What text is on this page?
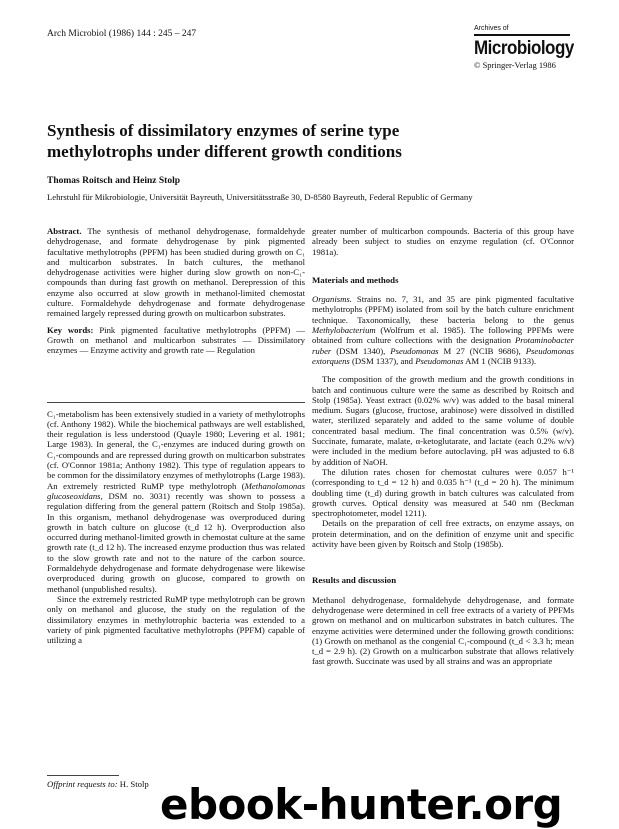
Arch Microbiol (1986) 144 : 245 – 247
Archives of
Microbiology
© Springer-Verlag 1986
Synthesis of dissimilatory enzymes of serine type methylotrophs under different growth conditions
Thomas Roitsch and Heinz Stolp
Lehrstuhl für Mikrobiologie, Universität Bayreuth, Universitätsstraße 30, D-8580 Bayreuth, Federal Republic of Germany

Abstract. The synthesis of methanol dehydrogenase, formaldehyde dehydrogenase, and formate dehydrogenase by pink pigmented facultative methylotrophs (PPFM) has been studied during growth on C₁ and multicarbon substrates. In batch cultures, the methanol dehydrogenase activities were higher during slow growth on non-C₁-compounds than during fast growth on methanol. Derepression of this enzyme also occurred at slow growth in methanol-limited chemostat culture. Formaldehyde dehydrogenase and formate dehydrogenase remained largely repressed during growth on multicarbon substrates.

Key words: Pink pigmented facultative methylotrophs (PPFM) — Growth on methanol and multicarbon substrates — Dissimilatory enzymes — Enzyme activity and growth rate — Regulation

C₁-metabolism has been extensively studied in a variety of methylotrophs (cf. Anthony 1982). While the biochemical pathways are well established, their regulation is less understood (Quayle 1980; Levering et al. 1981; Large 1983). In general, the C₁-enzymes are induced during growth on C₁-compounds and are repressed during growth on multicarbon substrates (cf. O'Connor 1981a; Anthony 1982). This type of regulation appears to be common for the dissimilatory enzymes of methylotrophs (Large 1983). An extremely restricted RuMP type methylotroph (Methanolomonas glucoseoxidans, DSM no. 3031) recently was shown to possess a regulation differing from the general pattern (Roitsch and Stolp 1985a). In this organism, methanol dehydrogenase was overproduced during growth in batch culture on glucose (t_d 12 h). Overproduction also occurred during methanol-limited growth in chemostat culture at the same growth rate (t_d 12 h). The increased enzyme production thus was related to the slow growth rate and not to the nature of the carbon source. Formaldehyde dehydrogenase and formate dehydrogenase were likewise overproduced during growth on glucose, compared to growth on methanol (unpublished results).

Since the extremely restricted RuMP type methylotroph can be grown only on methanol and glucose, the study on the regulation of the dissimilatory enzymes in methylotrophic bacteria was extended to a variety of pink pigmented facultative methylotrophs (PPFM) capable of utilizing a

greater number of multicarbon compounds. Bacteria of this group have already been subject to studies on enzyme regulation (cf. O'Connor 1981a).

Materials and methods

Organisms. Strains no. 7, 31, and 35 are pink pigmented facultative methylotrophs (PPFM) isolated from soil by the batch culture enrichment technique. Taxonomically, these bacteria belong to the genus Methylobacterium (Wolfrum et al. 1985). The following PPFMs were obtained from culture collections with the designation Protaminobacter ruber (DSM 1340), Pseudomonas M 27 (NCIB 9686), Pseudomonas extorquens (DSM 1337), and Pseudomonas AM 1 (NCIB 9133).

The composition of the growth medium and the growth conditions in batch and continuous culture were the same as described by Roitsch and Stolp (1985a). Yeast extract (0.02% w/v) was added to the basal mineral medium. Sugars (glucose, fructose, arabinose) were dissolved in distilled water, sterilized separately and added to the same volume of double concentrated basal medium. The final concentration was 0.5% (w/v). Succinate, fumarate, malate, α-ketoglutarate, and lactate (each 0.2% w/v) were included in the medium before autoclaving. pH was adjusted to 6.8 by addition of NaOH.

The dilution rates chosen for chemostat cultures were 0.057 h⁻¹ (corresponding to t_d = 12 h) and 0.035 h⁻¹ (t_d = 20 h). The minimum doubling time (t_d) during growth in batch cultures was calculated from growth curves. Optical density was measured at 540 nm (Beckman spectrophotometer, model 1211).

Details on the preparation of cell free extracts, on enzyme assays, on protein determination, and on the definition of enzyme unit and specific activity have been given by Roitsch and Stolp (1985b).

Results and discussion

Methanol dehydrogenase, formaldehyde dehydrogenase, and formate dehydrogenase were determined in cell free extracts of a variety of PPFMs grown on methanol and on multicarbon substrates in batch cultures. The enzyme activities were determined under the following growth conditions: (1) Growth on methanol as the congenial C₁-compound (t_d < 3.3 h; mean t_d = 2.9 h). (2) Growth on a multicarbon substrate that allows relatively fast growth. Succinate was used by all strains and was an appropriate

Offprint requests to: H. Stolp ebook-hunter.org
